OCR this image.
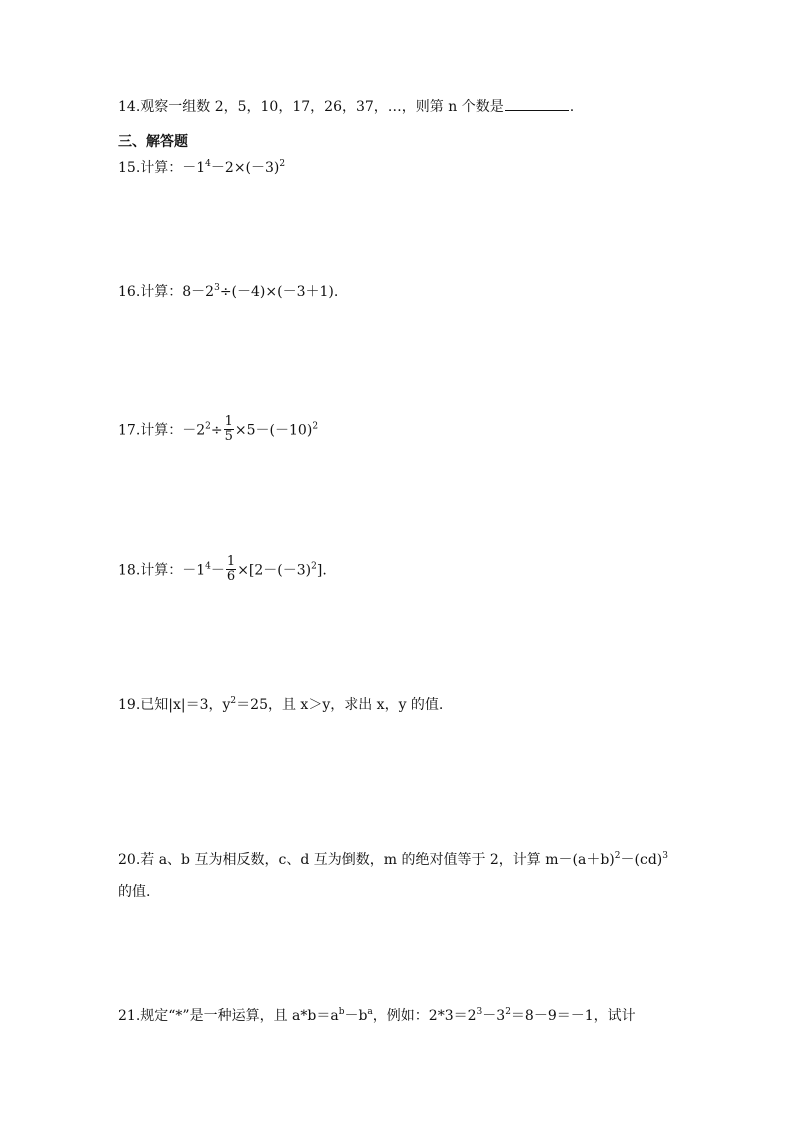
14.观察一组数 2，5，10，17，26，37，…，则第 n 个数是	.
三、解答题
15.计算：$-1^4-2\times(-3)^2$
16.计算：$8-2^3\div(-4)\times(-3+1)$.
17.计算：$-2^2\div \frac{1}{5} \times 5-(-10)^2$
18.计算：$-1^4- \frac{1}{6} \times[2-(-3)^2]$.
19.已知|x|＝3，$y^2=25$，且 x＞y，求出 x，y 的值.
20.若 a、b 互为相反数，c、d 互为倒数，m 的绝对值等于 2，计算 $m-(a+b)^2-(cd)^3$
的值.
21.规定“*”是一种运算，且 $a*b=a^b-b^a$，例如：$2*3=2^3-3^2=8-9=-1$，试计
